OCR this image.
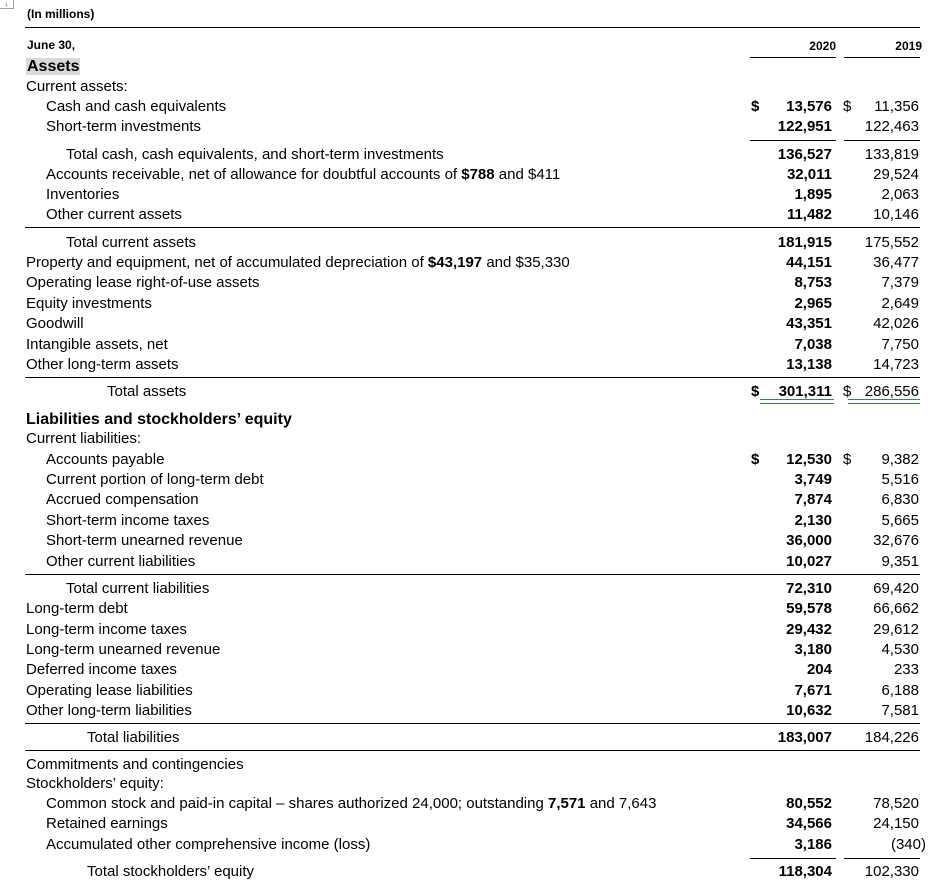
↓
(In millions)
June 30,	2020	2019
Assets
Current assets:
Cash and cash equivalents	$	13,576 $	11,356
Short-term investments	122,951	122,463
Total cash, cash equivalents, and short-term investments	136,527	133,819
Accounts receivable, net of allowance for doubtful accounts of $788 and $411	32,011	29,524
Inventories	1,895	2,063
Other current assets	11,482	10,146
Total current assets	181,915	175,552
Property and equipment, net of accumulated depreciation of $43,197 and $35,330	44,151	36,477
Operating lease right-of-use assets	8,753	7,379
Equity investments	2,965	2,649
Goodwill	43,351	42,026
Intangible assets, net	7,038	7,750
Other long-term assets	13,138	14,723
Total assets	$	301,311 $ 286,556
Liabilities and stockholders’ equity
Current liabilities:
Accounts payable	$	12,530 $	9,382
Current portion of long-term debt	3,749	5,516
Accrued compensation	7,874	6,830
Short-term income taxes	2,130	5,665
Short-term unearned revenue	36,000	32,676
Other current liabilities	10,027	9,351
Total current liabilities	72,310	69,420
Long-term debt	59,578	66,662
Long-term income taxes	29,432	29,612
Long-term unearned revenue	3,180	4,530
Deferred income taxes	204	233
Operating lease liabilities	7,671	6,188
Other long-term liabilities	10,632	7,581
Total liabilities	183,007	184,226
Commitments and contingencies
Stockholders’ equity:
Common stock and paid-in capital – shares authorized 24,000; outstanding 7,571 and 7,643	80,552	78,520
Retained earnings	34,566	24,150
Accumulated other comprehensive income (loss)	3,186	(340)
Total stockholders’ equity	118,304	102,330
